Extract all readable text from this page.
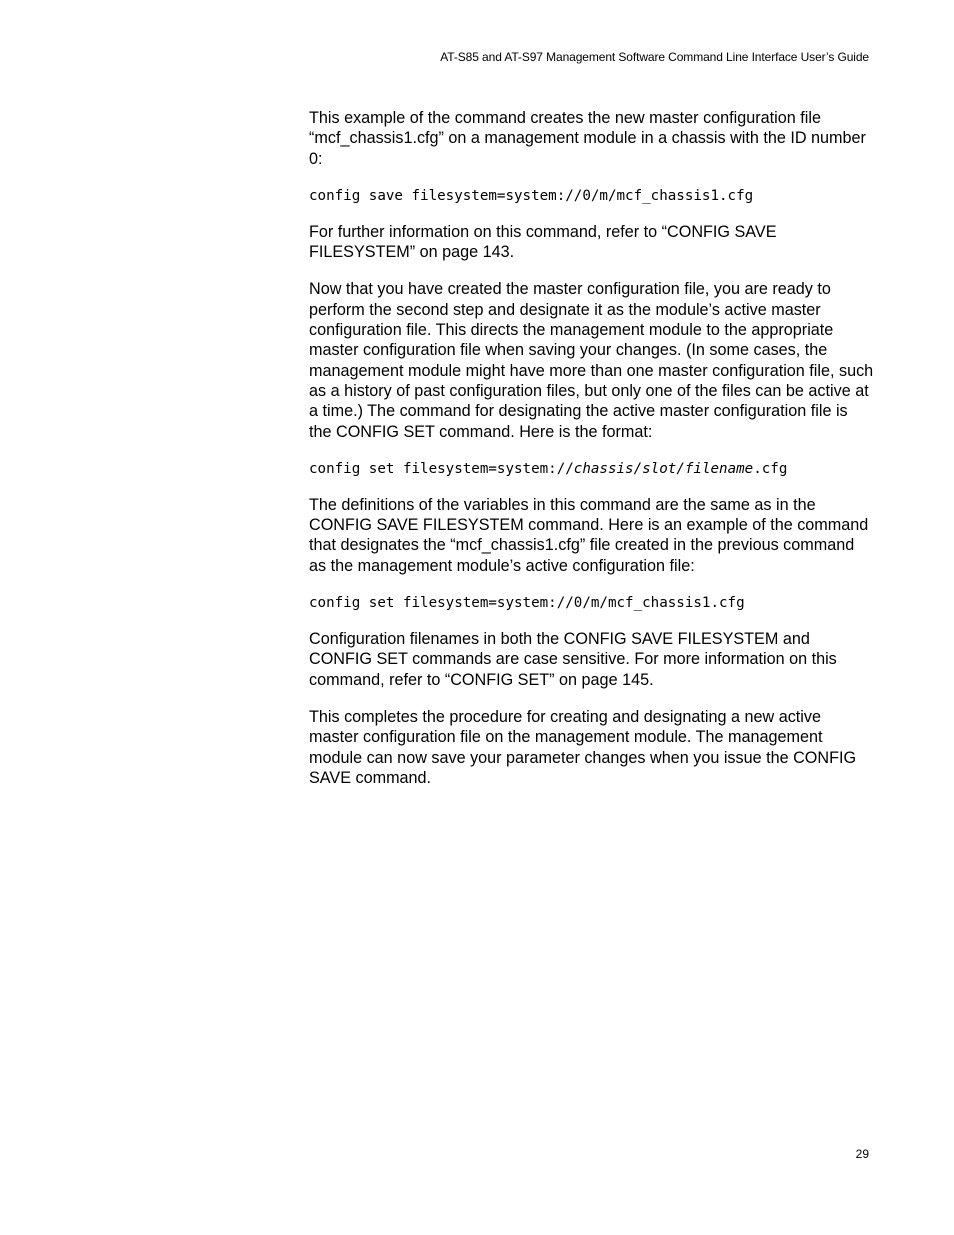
AT-S85 and AT-S97 Management Software Command Line Interface User’s Guide

This example of the command creates the new master configuration file “mcf_chassis1.cfg” on a management module in a chassis with the ID number 0:

config save filesystem=system://0/m/mcf_chassis1.cfg

For further information on this command, refer to “CONFIG SAVE FILESYSTEM” on page 143.

Now that you have created the master configuration file, you are ready to perform the second step and designate it as the module’s active master configuration file. This directs the management module to the appropriate master configuration file when saving your changes. (In some cases, the management module might have more than one master configuration file, such as a history of past configuration files, but only one of the files can be active at a time.) The command for designating the active master configuration file is the CONFIG SET command. Here is the format:

config set filesystem=system://chassis/slot/filename.cfg

The definitions of the variables in this command are the same as in the CONFIG SAVE FILESYSTEM command. Here is an example of the command that designates the “mcf_chassis1.cfg” file created in the previous command as the management module’s active configuration file:

config set filesystem=system://0/m/mcf_chassis1.cfg

Configuration filenames in both the CONFIG SAVE FILESYSTEM and CONFIG SET commands are case sensitive. For more information on this command, refer to “CONFIG SET” on page 145.

This completes the procedure for creating and designating a new active master configuration file on the management module. The management module can now save your parameter changes when you issue the CONFIG SAVE command.

29
